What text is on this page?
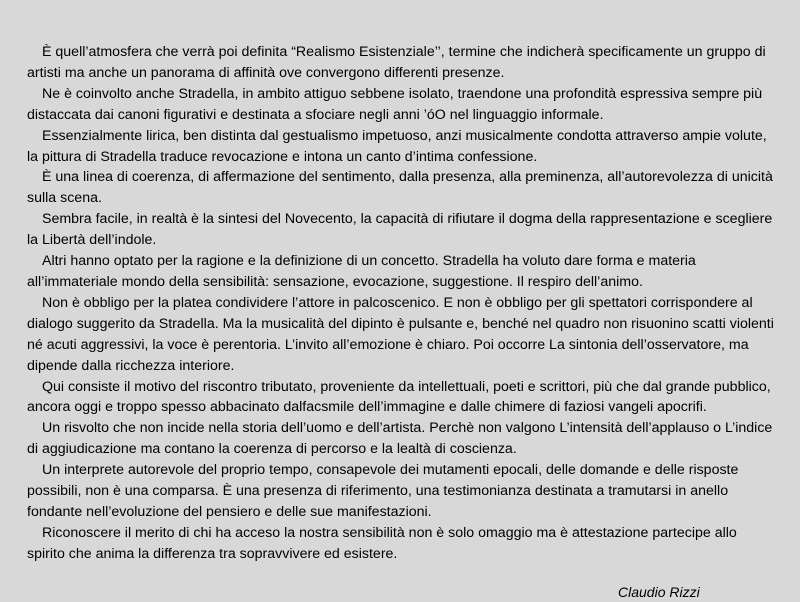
È quell’atmosfera che verrà poi definita “Realismo Esistenziale’’, termine che indicherà specificamente un gruppo di artisti ma anche un panorama di affinità ove convergono differenti presenze.

Ne è coinvolto anche Stradella, in ambito attiguo sebbene isolato, traendone una profondità espressiva sempre più distaccata dai canoni figurativi e destinata a sfociare negli anni ’óO nel linguaggio informale.

Essenzialmente lirica, ben distinta dal gestualismo impetuoso, anzi musicalmente condotta attraverso ampie volute, la pittura di Stradella traduce revocazione e intona un canto d’intima confessione.

È una linea di coerenza, di affermazione del sentimento, dalla presenza, alla preminenza, all’autorevolezza di unicità sulla scena.

Sembra facile, in realtà è la sintesi del Novecento, la capacità di rifiutare il dogma della rappresentazione e scegliere la Libertà dell’indole.

Altri hanno optato per la ragione e la definizione di un concetto. Stradella ha voluto dare forma e materia all’immateriale mondo della sensibilità: sensazione, evocazione, suggestione. Il respiro dell’animo.

Non è obbligo per la platea condividere l’attore in palcoscenico. E non è obbligo per gli spettatori corrispondere al dialogo suggerito da Stradella. Ma la musicalità del dipinto è pulsante e, benché nel quadro non risuonino scatti violenti né acuti aggressivi, la voce è perentoria. L’invito all’emozione è chiaro. Poi occorre La sintonia dell’osservatore, ma dipende dalla ricchezza interiore.

Qui consiste il motivo del riscontro tributato, proveniente da intellettuali, poeti e scrittori, più che dal grande pubblico, ancora oggi e troppo spesso abbacinato dalfacsmile dell’immagine e dalle chimere di faziosi vangeli apocrifi.

Un risvolto che non incide nella storia dell’uomo e dell’artista. Perchè non valgono L’intensità dell’applauso o L’indice di aggiudicazione ma contano la coerenza di percorso e la lealtà di coscienza.

Un interprete autorevole del proprio tempo, consapevole dei mutamenti epocali, delle domande e delle risposte possibili, non è una comparsa. È una presenza di riferimento, una testimonianza destinata a tramutarsi in anello fondante nell’evoluzione del pensiero e delle sue manifestazioni.

Riconoscere il merito di chi ha acceso la nostra sensibilità non è solo omaggio ma è attestazione partecipe allo spirito che anima la differenza tra sopravvivere ed esistere.

Claudio Rizzi
